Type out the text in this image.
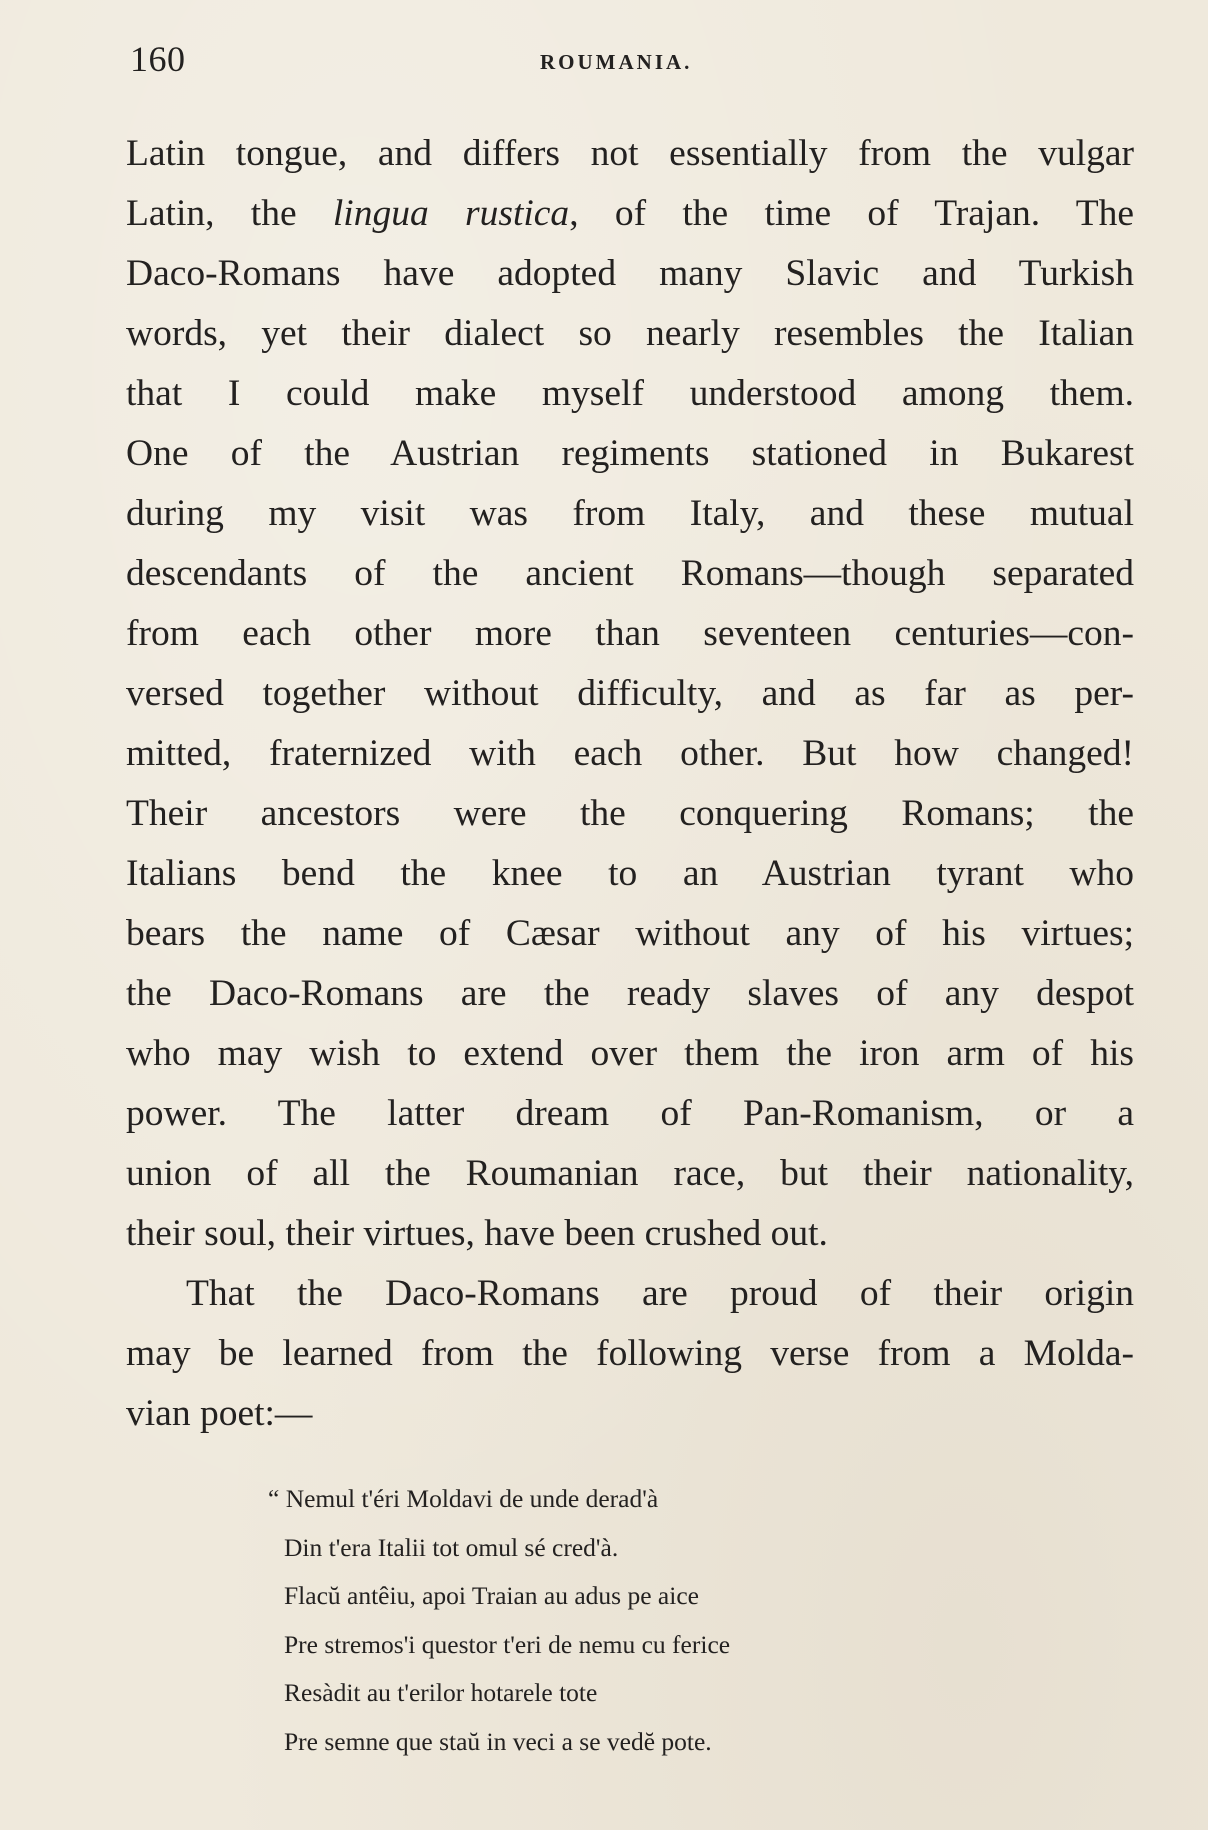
160	ROUMANIA.
Latin tongue, and differs not essentially from the vulgar
Latin, the lingua rustica, of the time of Trajan. The
Daco-Romans have adopted many Slavic and Turkish
words, yet their dialect so nearly resembles the Italian
that I could make myself understood among them.
One of the Austrian regiments stationed in Bukarest
during my visit was from Italy, and these mutual
descendants of the ancient Romans—though separated
from each other more than seventeen centuries—con-
versed together without difficulty, and as far as per-
mitted, fraternized with each other. But how changed!
Their ancestors were the conquering Romans; the
Italians bend the knee to an Austrian tyrant who
bears the name of Cæsar without any of his virtues;
the Daco-Romans are the ready slaves of any despot
who may wish to extend over them the iron arm of his
power. The latter dream of Pan-Romanism, or a
union of all the Roumanian race, but their nationality,
their soul, their virtues, have been crushed out.
That the Daco-Romans are proud of their origin
may be learned from the following verse from a Molda-
vian poet:—
“ Nemul t'éri Moldavi de unde derad'à
Din t'era Italii tot omul sé cred'à.
Flacŭ antêiu, apoi Traian au adus pe aice
Pre stremos'i questor t'eri de nemu cu ferice
Resàdit au t'erilor hotarele tote
Pre semne que staŭ in veci a se vedĕ pote.
